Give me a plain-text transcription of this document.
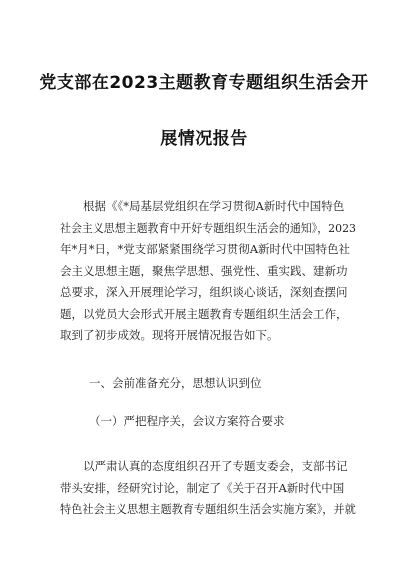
党支部在2023主题教育专题组织生活会开
展情况报告
　　根据《《*局基层党组织在学习贯彻A新时代中国特色
社会主义思想主题教育中开好专题组织生活会的通知》，2023
年*月*日，*党支部紧紧围绕学习贯彻A新时代中国特色社
会主义思想主题，聚焦学思想、强党性、重实践、建新功
总要求，深入开展理论学习，组织谈心谈话，深刻查摆问
题，以党员大会形式开展主题教育专题组织生活会工作，
取到了初步成效。现将开展情况报告如下。
一、会前准备充分，思想认识到位
（一）严把程序关，会议方案符合要求
　　以严肃认真的态度组织召开了专题支委会，支部书记
带头安排，经研究讨论，制定了《关于召开A新时代中国
特色社会主义思想主题教育专题组织生活会实施方案》，并就
